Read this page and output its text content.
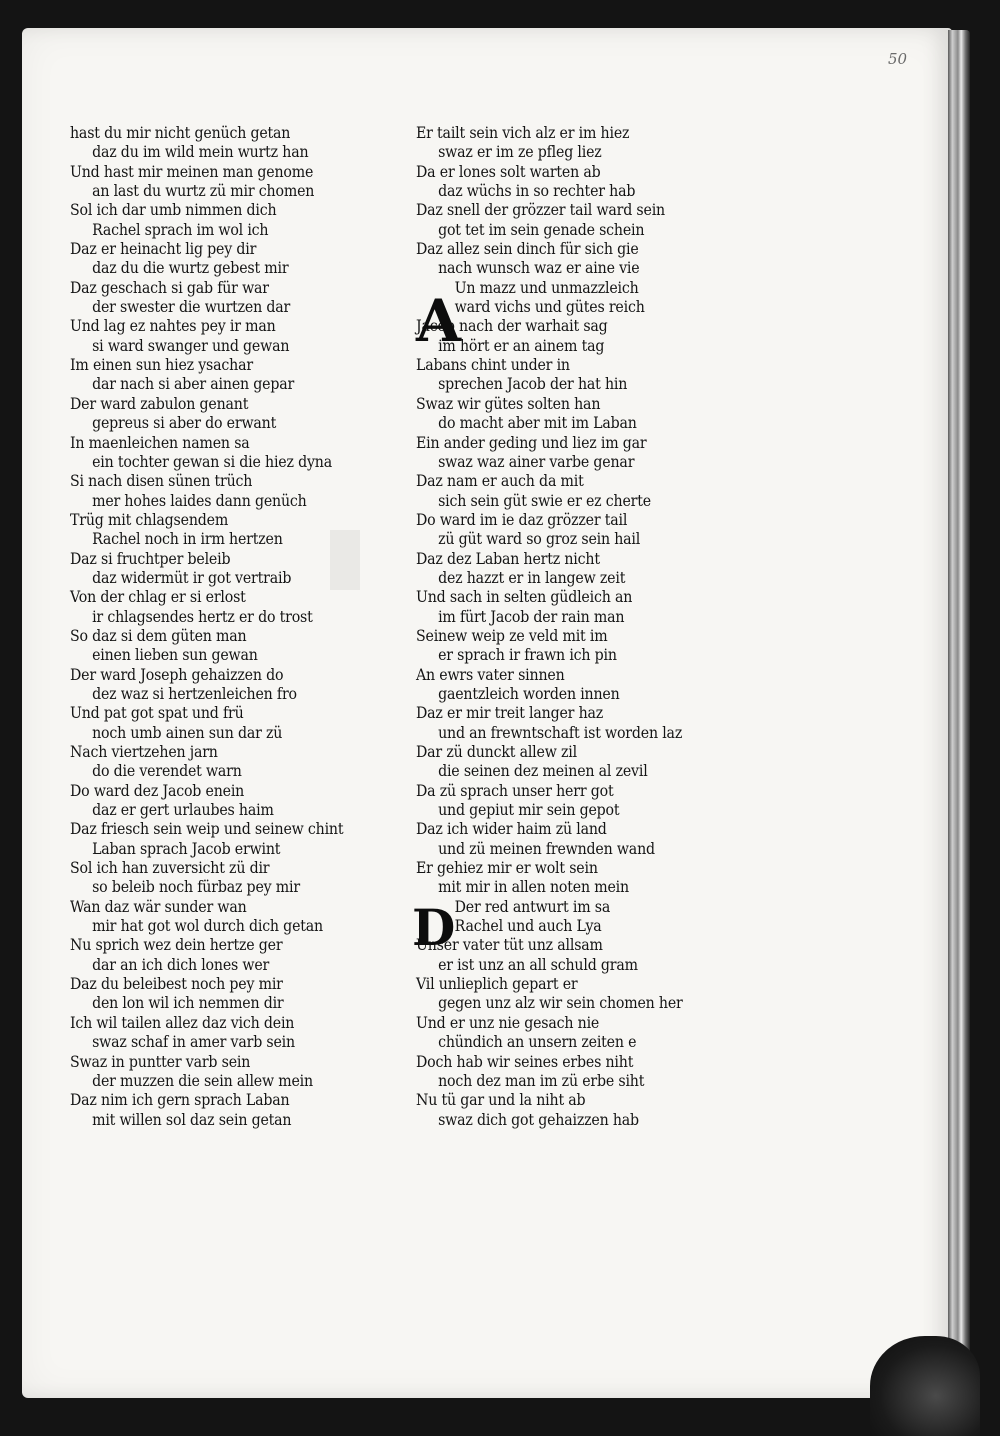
50
hast du mir nicht genüch getan
daz du im wild mein wurtz han
Und hast mir meinen man genome
an last du wurtz zü mir chomen
Sol ich dar umb nimmen dich
Rachel sprach im wol ich
Daz er heinacht lig pey dir
daz du die wurtz gebest mir
Daz geschach si gab für war
der swester die wurtzen dar
Und lag ez nahtes pey ir man
si ward swanger und gewan
Im einen sun hiez ysachar
dar nach si aber ainen gepar
Der ward zabulon genant
gepreus si aber do erwant
In maenleichen namen sa
ein tochter gewan si die hiez dyna
Si nach disen sünen trüch
mer hohes laides dann genüch
Trüg mit chlagsendem
Rachel noch in irm hertzen
Daz si fruchtper beleib
daz widermüt ir got vertraib
Von der chlag er si erlost
ir chlagsendes hertz er do trost
So daz si dem güten man
einen lieben sun gewan
Der ward Joseph gehaizzen do
dez waz si hertzenleichen fro
Und pat got spat und frü
noch umb ainen sun dar zü
Nach viertzehen jarn
do die verendet warn
Do ward dez Jacob enein
daz er gert urlaubes haim
Daz friesch sein weip und seinew chint
Laban sprach Jacob erwint
Sol ich han zuversicht zü dir
so beleib noch fürbaz pey mir
Wan daz wär sunder wan
mir hat got wol durch dich getan
Nu sprich wez dein hertze ger
dar an ich dich lones wer
Daz du beleibest noch pey mir
den lon wil ich nemmen dir
Ich wil tailen allez daz vich dein
swaz schaf in amer varb sein
Swaz in puntter varb sein
der muzzen die sein allew mein
Daz nim ich gern sprach Laban
mit willen sol daz sein getan
Er tailt sein vich alz er im hiez
swaz er im ze pfleg liez
Da er lones solt warten ab
daz wüchs in so rechter hab
Daz snell der grözzer tail ward sein
got tet im sein genade schein
Daz allez sein dinch für sich gie
nach wunsch waz er aine vie
Un mazz und unmazzleich
ward vichs und gütes reich
Jacob nach der warhait sag
im hört er an ainem tag
Labans chint under in
sprechen Jacob der hat hin
Swaz wir gütes solten han
do macht aber mit im Laban
Ein ander geding und liez im gar
swaz waz ainer varbe genar
Daz nam er auch da mit
sich sein güt swie er ez cherte
Do ward im ie daz grözzer tail
zü güt ward so groz sein hail
Daz dez Laban hertz nicht
dez hazzt er in langew zeit
Und sach in selten güdleich an
im fürt Jacob der rain man
Seinew weip ze veld mit im
er sprach ir frawn ich pin
An ewrs vater sinnen
gaentzleich worden innen
Daz er mir treit langer haz
und an frewntschaft ist worden laz
Dar zü dunckt allew zil
die seinen dez meinen al zevil
Da zü sprach unser herr got
und gepiut mir sein gepot
Daz ich wider haim zü land
und zü meinen frewnden wand
Er gehiez mir er wolt sein
mit mir in allen noten mein
Der red antwurt im sa
Rachel und auch Lya
Unser vater tüt unz allsam
er ist unz an all schuld gram
Vil unlieplich gepart er
gegen unz alz wir sein chomen her
Und er unz nie gesach nie
chündich an unsern zeiten e
Doch hab wir seines erbes niht
noch dez man im zü erbe siht
Nu tü gar und la niht ab
swaz dich got gehaizzen hab
A
D
